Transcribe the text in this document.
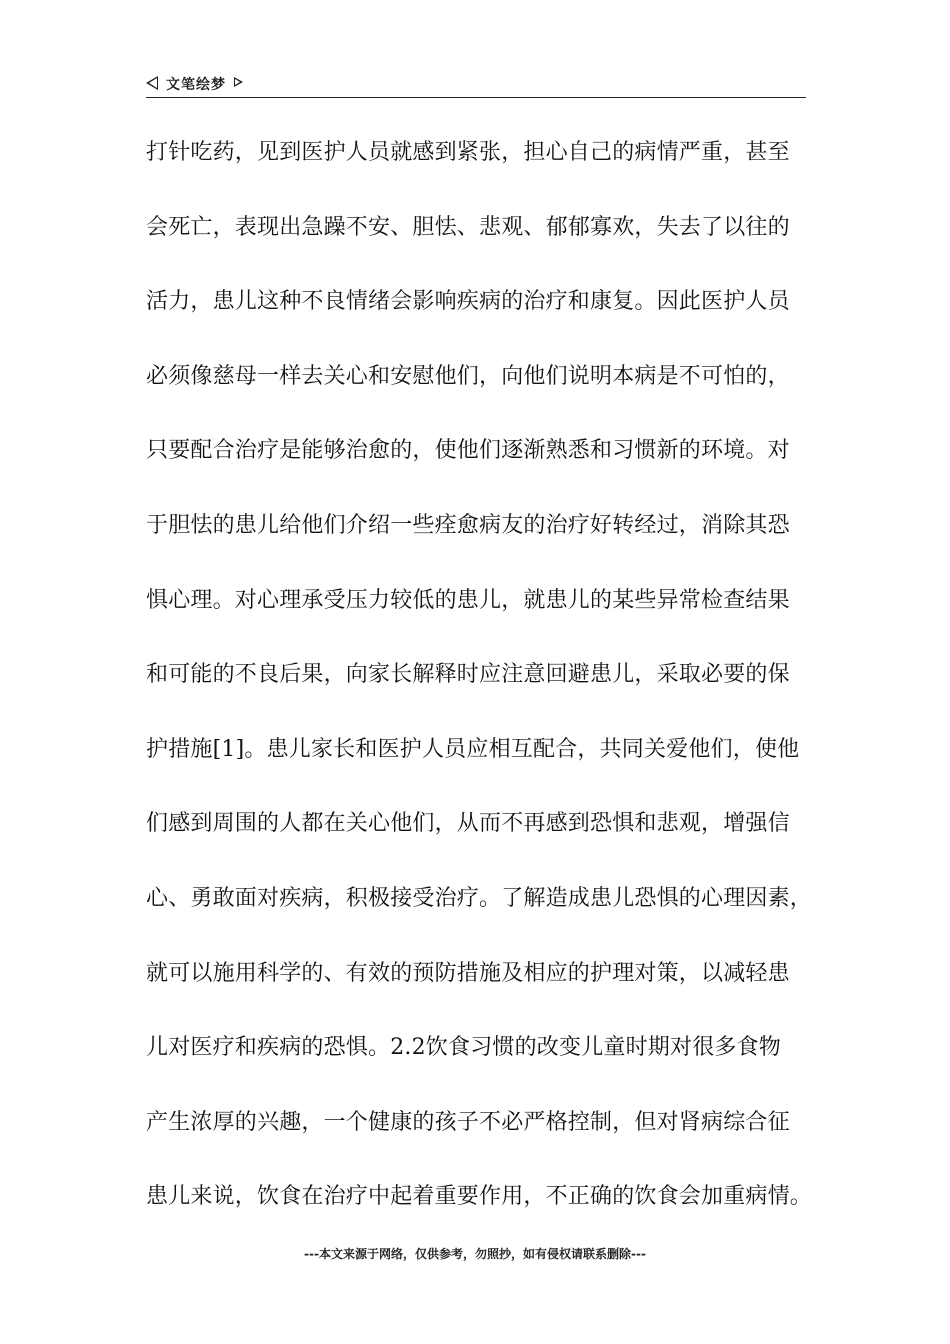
文笔绘梦
打针吃药，见到医护人员就感到紧张，担心自己的病情严重，甚至
会死亡，表现出急躁不安、胆怯、悲观、郁郁寡欢，失去了以往的
活力，患儿这种不良情绪会影响疾病的治疗和康复。因此医护人员
必须像慈母一样去关心和安慰他们，向他们说明本病是不可怕的，
只要配合治疗是能够治愈的，使他们逐渐熟悉和习惯新的环境。对
于胆怯的患儿给他们介绍一些痊愈病友的治疗好转经过，消除其恐
惧心理。对心理承受压力较低的患儿，就患儿的某些异常检查结果
和可能的不良后果，向家长解释时应注意回避患儿，采取必要的保
护措施[1]。患儿家长和医护人员应相互配合，共同关爱他们，使他
们感到周围的人都在关心他们，从而不再感到恐惧和悲观，增强信
心、勇敢面对疾病，积极接受治疗。了解造成患儿恐惧的心理因素，
就可以施用科学的、有效的预防措施及相应的护理对策，以减轻患
儿对医疗和疾病的恐惧。2.2饮食习惯的改变儿童时期对很多食物
产生浓厚的兴趣，一个健康的孩子不必严格控制，但对肾病综合征
患儿来说，饮食在治疗中起着重要作用，不正确的饮食会加重病情。
---本文来源于网络，仅供参考，勿照抄，如有侵权请联系删除---
